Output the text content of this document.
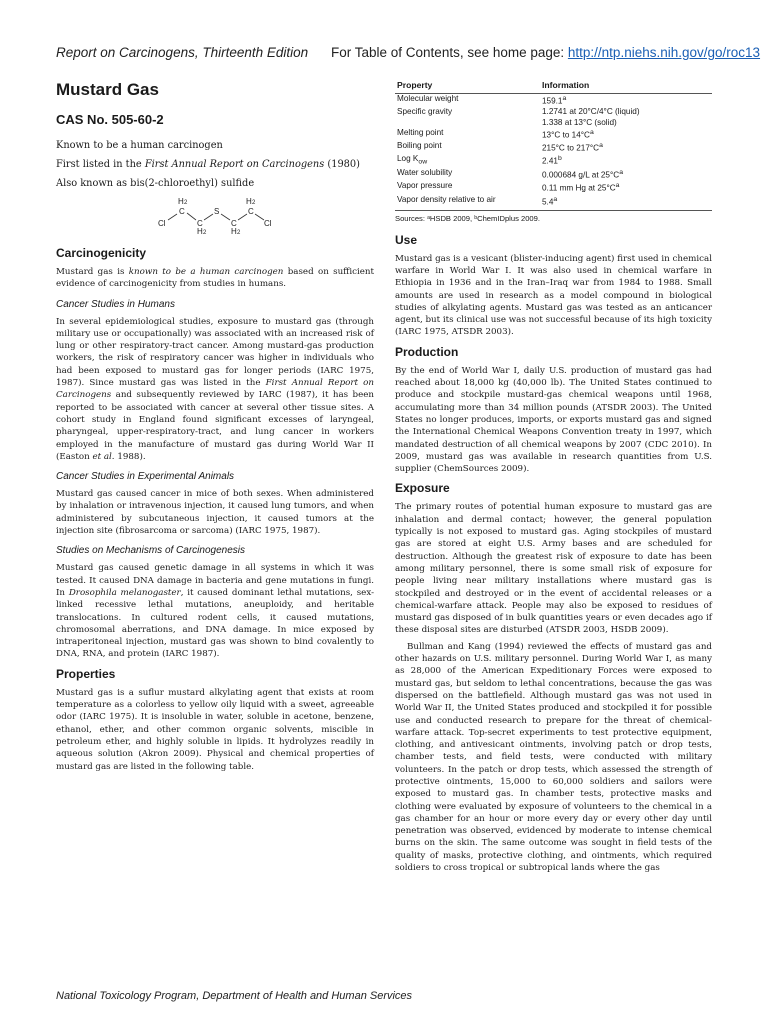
Report on Carcinogens, Thirteenth Edition For Table of Contents, see home page: http://ntp.niehs.nih.gov/go/roc13
Mustard Gas
CAS No. 505-60-2

Known to be a human carcinogen

First listed in the First Annual Report on Carcinogens (1980)

Also known as bis(2-chloroethyl) sulfide

Cl
C
C
S
C
C
Cl
H 2
H 2
H 2
H 2
Carcinogenicity

Mustard gas is known to be a human carcinogen based on sufficient evidence of carcinogenicity from studies in humans.

Cancer Studies in Humans

In several epidemiological studies, exposure to mustard gas (through military use or occupationally) was associated with an increased risk of lung or other respiratory-tract cancer. Among mustard-gas production workers, the risk of respiratory cancer was higher in individuals who had been exposed to mustard gas for longer periods (IARC 1975, 1987). Since mustard gas was listed in the First Annual Report on Carcinogens and subsequently reviewed by IARC (1987), it has been reported to be associated with cancer at several other tissue sites. A cohort study in England found significant excesses of laryngeal, pharyngeal, upper-respiratory-tract, and lung cancer in workers employed in the manufacture of mustard gas during World War II (Easton et al. 1988).

Cancer Studies in Experimental Animals

Mustard gas caused cancer in mice of both sexes. When administered by inhalation or intravenous injection, it caused lung tumors, and when administered by subcutaneous injection, it caused tumors at the injection site (fibrosarcoma or sarcoma) (IARC 1975, 1987).

Studies on Mechanisms of Carcinogenesis

Mustard gas caused genetic damage in all systems in which it was tested. It caused DNA damage in bacteria and gene mutations in fungi. In Drosophila melanogaster, it caused dominant lethal mutations, sex-linked recessive lethal mutations, aneuploidy, and heritable translocations. In cultured rodent cells, it caused mutations, chromosomal aberrations, and DNA damage. In mice exposed by intraperitoneal injection, mustard gas was shown to bind covalently to DNA, RNA, and protein (IARC 1987).

Properties

Mustard gas is a suflur mustard alkylating agent that exists at room temperature as a colorless to yellow oily liquid with a sweet, agreeable odor (IARC 1975). It is insoluble in water, soluble in acetone, benzene, ethanol, ether, and other common organic solvents, miscible in petroleum ether, and highly soluble in lipids. It hydrolyzes readily in aqueous solution (Akron 2009). Physical and chemical properties of mustard gas are listed in the following table.

Property	Information
Molecular weight	159.1$^a$
Specific gravity	1.2741 at 20°C/4°C (liquid)
1.338 at 13°C (solid)
Melting point	13°C to $14^\circ C^a$
Boiling point	215°C to $217^\circ C^a$
Log $K_{ow}$	2.41$^b$
Water solubility	0.000684 g/L at $25^\circ C^a$
Vapor pressure	0.11 mm Hg at $25^\circ C^a$
Vapor density relative to air	5.4$^a$
Sources: ᵃHSDB 2009, ᵇChemIDplus 2009.
Use

Mustard gas is a vesicant (blister-inducing agent) first used in chemical warfare in World War I. It was also used in chemical warfare in Ethiopia in 1936 and in the Iran–Iraq war from 1984 to 1988. Small amounts are used in research as a model compound in biological studies of alkylating agents. Mustard gas was tested as an anticancer agent, but its clinical use was not successful because of its high toxicity (IARC 1975, ATSDR 2003).

Production

By the end of World War I, daily U.S. production of mustard gas had reached about 18,000 kg (40,000 lb). The United States continued to produce and stockpile mustard-gas chemical weapons until 1968, accumulating more than 34 million pounds (ATSDR 2003). The United States no longer produces, imports, or exports mustard gas and signed the International Chemical Weapons Convention treaty in 1997, which mandated destruction of all chemical weapons by 2007 (CDC 2010). In 2009, mustard gas was available in research quantities from U.S. supplier (ChemSources 2009).

Exposure

The primary routes of potential human exposure to mustard gas are inhalation and dermal contact; however, the general population typically is not exposed to mustard gas. Aging stockpiles of mustard gas are stored at eight U.S. Army bases and are scheduled for destruction. Although the greatest risk of exposure to date has been among military personnel, there is some small risk of exposure for people living near military installations where mustard gas is stockpiled and destroyed or in the event of accidental releases or a chemical-warfare attack. People may also be exposed to residues of mustard gas disposed of in bulk quantities years or even decades ago if these disposal sites are disturbed (ATSDR 2003, HSDB 2009).

Bullman and Kang (1994) reviewed the effects of mustard gas and other hazards on U.S. military personnel. During World War I, as many as 28,000 of the American Expeditionary Forces were exposed to mustard gas, but seldom to lethal concentrations, because the gas was dispersed on the battlefield. Although mustard gas was not used in World War II, the United States produced and stockpiled it for possible use and conducted research to prepare for the threat of chemical-warfare attack. Top-secret experiments to test protective equipment, clothing, and antivesicant ointments, involving patch or drop tests, chamber tests, and field tests, were conducted with military volunteers. In the patch or drop tests, which assessed the strength of protective ointments, 15,000 to 60,000 soldiers and sailors were exposed to mustard gas. In chamber tests, protective masks and clothing were evaluated by exposure of volunteers to the chemical in a gas chamber for an hour or more every day or every other day until penetration was observed, evidenced by moderate to intense chemical burns on the skin. The same outcome was sought in field tests of the quality of masks, protective clothing, and ointments, which required soldiers to cross tropical or subtropical lands where the gas

National Toxicology Program, Department of Health and Human Services
